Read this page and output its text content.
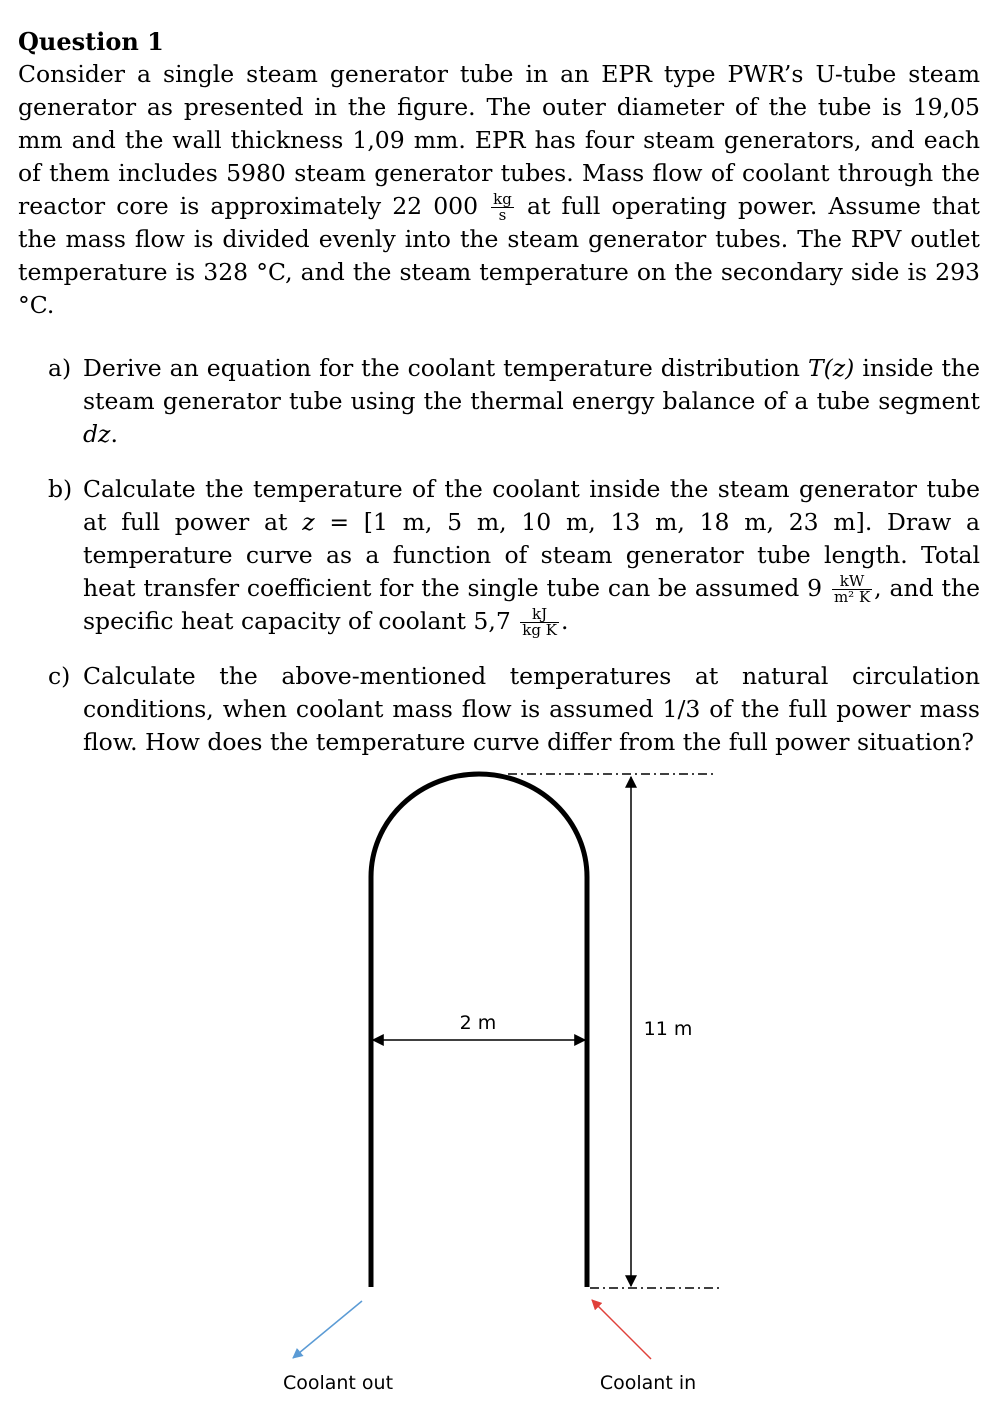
Question 1

Consider a single steam generator tube in an EPR type PWR’s U-tube steam generator as presented in the figure. The outer diameter of the tube is 19,05 mm and the wall thickness 1,09 mm. EPR has four steam generators, and each of them includes 5980 steam generator tubes. Mass flow of coolant through the reactor core is approximately 22 $000 \frac{kg}{s}$ at full operating power. Assume that the mass flow is divided evenly into the steam generator tubes. The RPV outlet temperature is 328 °C, and the steam temperature on the secondary side is 293 °C.

a) Derive an equation for the coolant temperature distribution T(z) inside the steam generator tube using the thermal energy balance of a tube segment dz.
b) Calculate the temperature of the coolant inside the steam generator tube at full power at z = [1 m, 5 m, 10 m, 13 m, 18 m, 23 m]. Draw a temperature curve as a function of steam generator tube length. Total heat transfer coefficient for the single tube can be assumed $9 \frac{kW}{\text{m² K}}$ , and the specific heat capacity of coolant $5,7 \frac{kJ}{\text{kg K}}$ .
c) Calculate the above-mentioned temperatures at natural circulation conditions, when coolant mass flow is assumed 1/3 of the full power mass flow. How does the temperature curve differ from the full power situation?
2 m	11 m
Coolant out	Coolant in
